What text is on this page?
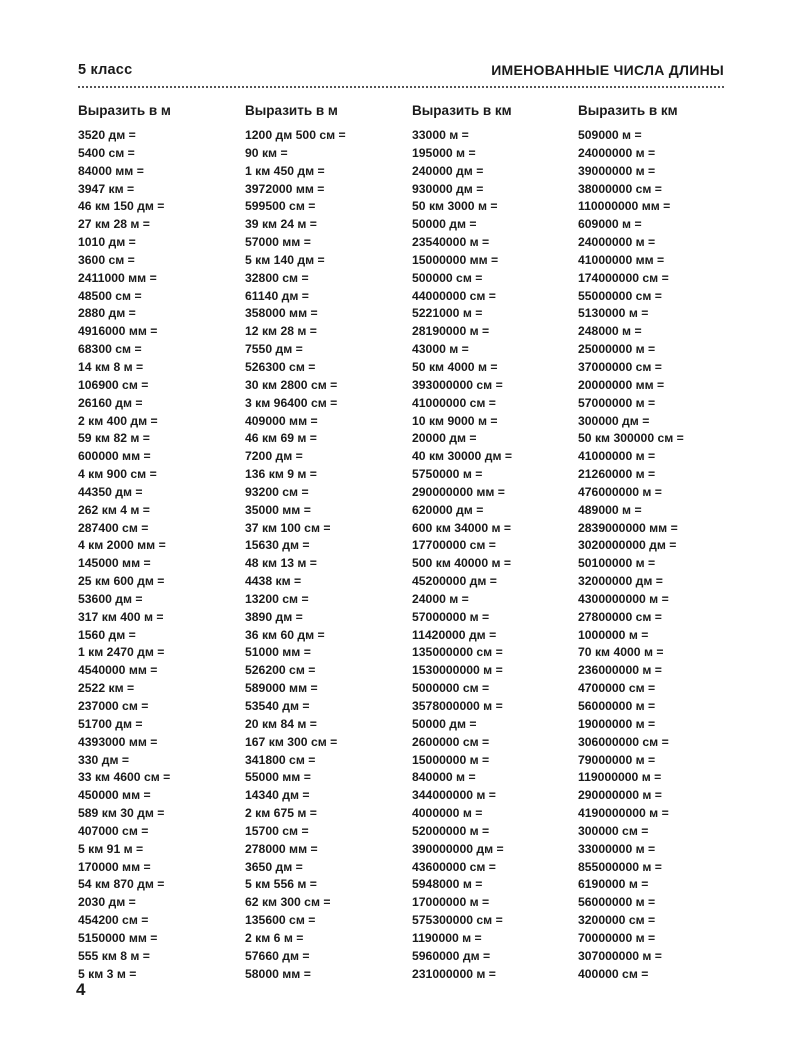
5 класс	ИМЕНОВАННЫЕ ЧИСЛА ДЛИНЫ
Выразить в м
3520 дм =
5400 см =
84000 мм =
3947 км =
46 км 150 дм =
27 км 28 м =
1010 дм =
3600 см =
2411000 мм =
48500 см =
2880 дм =
4916000 мм =
68300 см =
14 км 8 м =
106900 см =
26160 дм =
2 км 400 дм =
59 км 82 м =
600000 мм =
4 км 900 см =
44350 дм =
262 км 4 м =
287400 см =
4 км 2000 мм =
145000 мм =
25 км 600 дм =
53600 дм =
317 км 400 м =
1560 дм =
1 км 2470 дм =
4540000 мм =
2522 км =
237000 см =
51700 дм =
4393000 мм =
330 дм =
33 км 4600 см =
450000 мм =
589 км 30 дм =
407000 см =
5 км 91 м =
170000 мм =
54 км 870 дм =
2030 дм =
454200 см =
5150000 мм =
555 км 8 м =
5 км 3 м =
Выразить в м
1200 дм 500 см =
90 км =
1 км 450 дм =
3972000 мм =
599500 см =
39 км 24 м =
57000 мм =
5 км 140 дм =
32800 см =
61140 дм =
358000 мм =
12 км 28 м =
7550 дм =
526300 см =
30 км 2800 см =
3 км 96400 см =
409000 мм =
46 км 69 м =
7200 дм =
136 км 9 м =
93200 см =
35000 мм =
37 км 100 см =
15630 дм =
48 км 13 м =
4438 км =
13200 см =
3890 дм =
36 км 60 дм =
51000 мм =
526200 см =
589000 мм =
53540 дм =
20 км 84 м =
167 км 300 см =
341800 см =
55000 мм =
14340 дм =
2 км 675 м =
15700 см =
278000 мм =
3650 дм =
5 км 556 м =
62 км 300 см =
135600 см =
2 км 6 м =
57660 дм =
58000 мм =
Выразить в км
33000 м =
195000 м =
240000 дм =
930000 дм =
50 км 3000 м =
50000 дм =
23540000 м =
15000000 мм =
500000 см =
44000000 см =
5221000 м =
28190000 м =
43000 м =
50 км 4000 м =
393000000 см =
41000000 см =
10 км 9000 м =
20000 дм =
40 км 30000 дм =
5750000 м =
290000000 мм =
620000 дм =
600 км 34000 м =
17700000 см =
500 км 40000 м =
45200000 дм =
24000 м =
57000000 м =
11420000 дм =
135000000 см =
1530000000 м =
5000000 см =
3578000000 м =
50000 дм =
2600000 см =
15000000 м =
840000 м =
344000000 м =
4000000 м =
52000000 м =
390000000 дм =
43600000 см =
5948000 м =
17000000 м =
575300000 см =
1190000 м =
5960000 дм =
231000000 м =
Выразить в км
509000 м =
24000000 м =
39000000 м =
38000000 см =
110000000 мм =
609000 м =
24000000 м =
41000000 мм =
174000000 см =
55000000 см =
5130000 м =
248000 м =
25000000 м =
37000000 см =
20000000 мм =
57000000 м =
300000 дм =
50 км 300000 см =
41000000 м =
21260000 м =
476000000 м =
489000 м =
2839000000 мм =
3020000000 дм =
50100000 м =
32000000 дм =
4300000000 м =
27800000 см =
1000000 м =
70 км 4000 м =
236000000 м =
4700000 см =
56000000 м =
19000000 м =
306000000 см =
79000000 м =
119000000 м =
290000000 м =
4190000000 м =
300000 см =
33000000 м =
855000000 м =
6190000 м =
56000000 м =
3200000 см =
70000000 м =
307000000 м =
400000 см =
4
